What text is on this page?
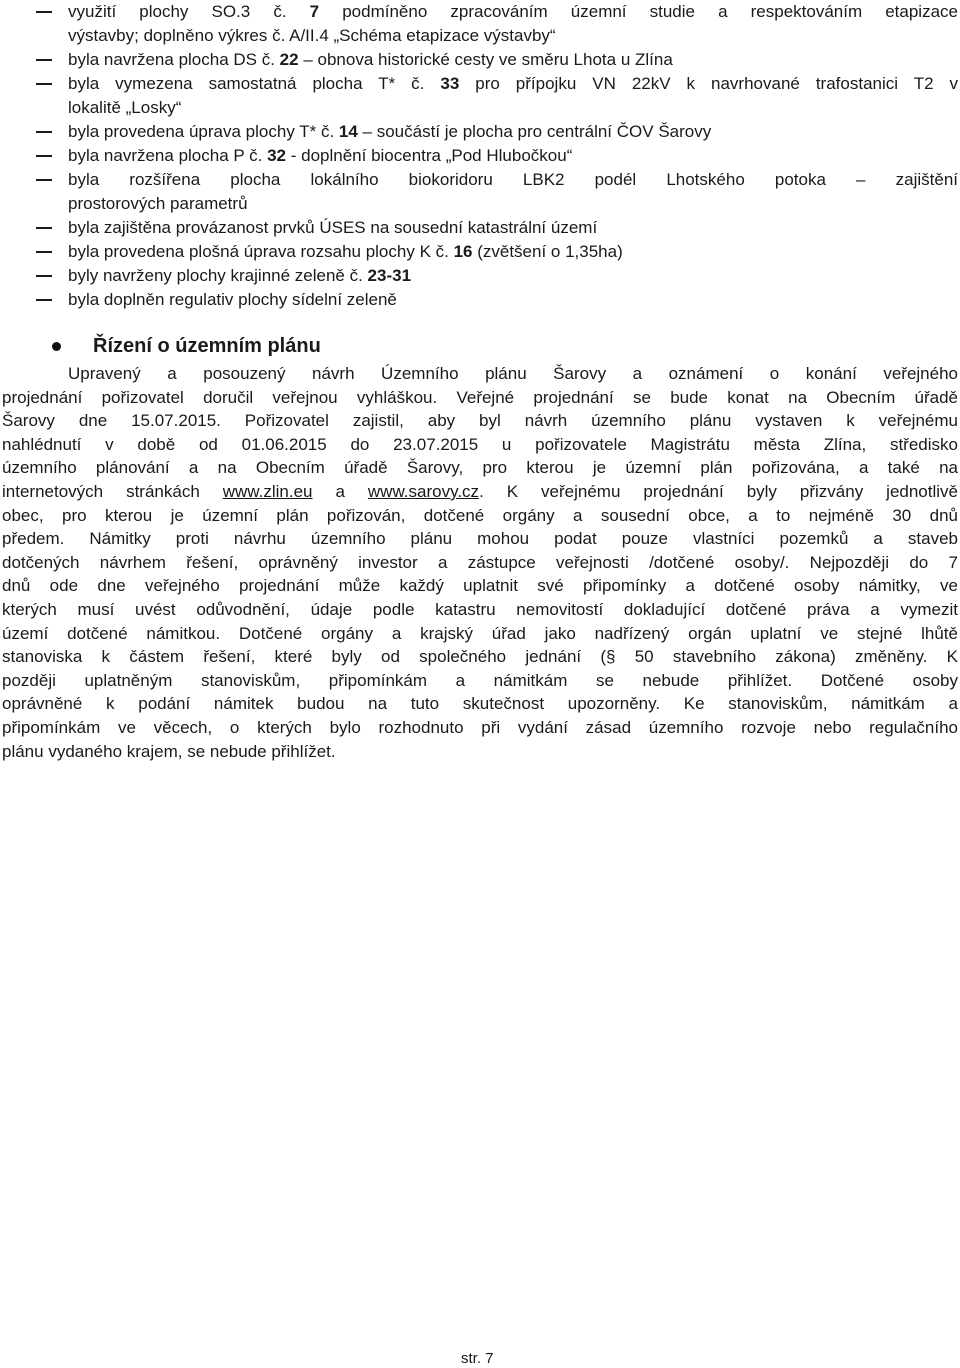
využití plochy SO.3 č. 7 podmíněno zpracováním územní studie a respektováním etapizace
výstavby; doplněno výkres č. A/II.4 „Schéma etapizace výstavby“
byla navržena plocha DS č. 22 – obnova historické cesty ve směru Lhota u Zlína
byla vymezena samostatná plocha T* č. 33 pro přípojku VN 22kV k navrhované trafostanici T2 v
lokalitě „Losky“
byla provedena úprava plochy T* č. 14 – součástí je plocha pro centrální ČOV Šarovy
byla navržena plocha P č. 32 - doplnění biocentra „Pod Hlubočkou“
byla rozšířena plocha lokálního biokoridoru LBK2 podél Lhotského potoka – zajištění
prostorových parametrů
byla zajištěna provázanost prvků ÚSES na sousední katastrální území
byla provedena plošná úprava rozsahu plochy K č. 16 (zvětšení o 1,35ha)
byly navrženy plochy krajinné zeleně č. 23-31
byla doplněn regulativ plochy sídelní zeleně
Řízení o územním plánu
Upravený a posouzený návrh Územního plánu Šarovy a oznámení o konání veřejného
projednání pořizovatel doručil veřejnou vyhláškou. Veřejné projednání se bude konat na Obecním úřadě
Šarovy dne 15.07.2015. Pořizovatel zajistil, aby byl návrh územního plánu vystaven k veřejnému
nahlédnutí v době od 01.06.2015 do 23.07.2015 u pořizovatele Magistrátu města Zlína, středisko
územního plánování a na Obecním úřadě Šarovy, pro kterou je územní plán pořizována, a také na
internetových stránkách www.zlin.eu a www.sarovy.cz. K veřejnému projednání byly přizvány jednotlivě
obec, pro kterou je územní plán pořizován, dotčené orgány a sousední obce, a to nejméně 30 dnů
předem. Námitky proti návrhu územního plánu mohou podat pouze vlastníci pozemků a staveb
dotčených návrhem řešení, oprávněný investor a zástupce veřejnosti /dotčené osoby/. Nejpozději do 7
dnů ode dne veřejného projednání může každý uplatnit své připomínky a dotčené osoby námitky, ve
kterých musí uvést odůvodnění, údaje podle katastru nemovitostí dokladující dotčené práva a vymezit
území dotčené námitkou. Dotčené orgány a krajský úřad jako nadřízený orgán uplatní ve stejné lhůtě
stanoviska k částem řešení, které byly od společného jednání (§ 50 stavebního zákona) změněny. K
později uplatněným stanoviskům, připomínkám a námitkám se nebude přihlížet. Dotčené osoby
oprávněné k podání námitek budou na tuto skutečnost upozorněny. Ke stanoviskům, námitkám a
připomínkám ve věcech, o kterých bylo rozhodnuto při vydání zásad územního rozvoje nebo regulačního
plánu vydaného krajem, se nebude přihlížet.
str. 7
